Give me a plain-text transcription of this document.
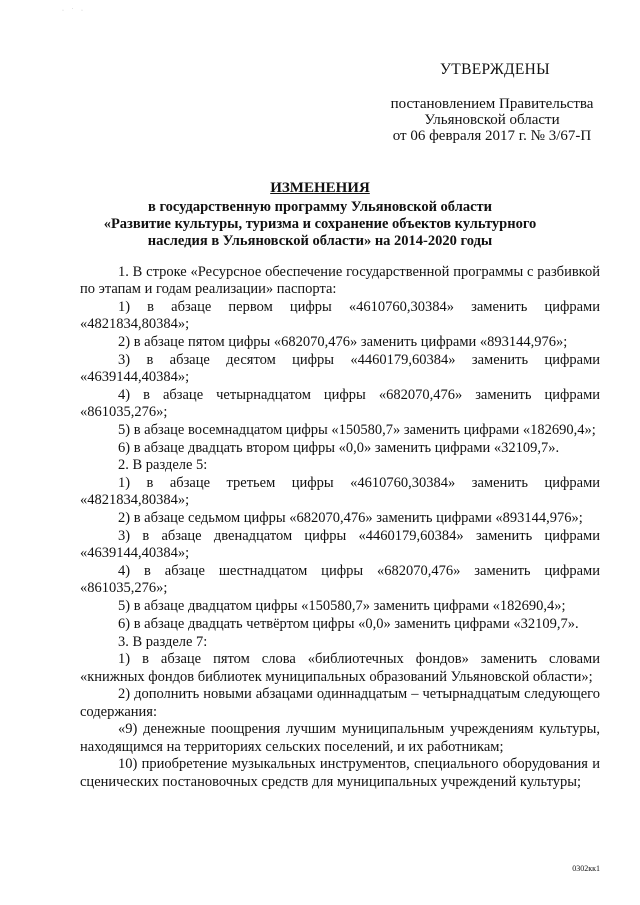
· ˙ ·
УТВЕРЖДЕНЫ
постановлением Правительства
Ульяновской области
от 06 февраля 2017 г. № 3/67-П
ИЗМЕНЕНИЯ
в государственную программу Ульяновской области
«Развитие культуры, туризма и сохранение объектов культурного
наследия в Ульяновской области» на 2014-2020 годы

1. В строке «Ресурсное обеспечение государственной программы с разбивкой по этапам и годам реализации» паспорта:

1) в абзаце первом цифры «4610760,30384» заменить цифрами «4821834,80384»;

2) в абзаце пятом цифры «682070,476» заменить цифрами «893144,976»;

3) в абзаце десятом цифры «4460179,60384» заменить цифрами «4639144,40384»;

4) в абзаце четырнадцатом цифры «682070,476» заменить цифрами «861035,276»;

5) в абзаце восемнадцатом цифры «150580,7» заменить цифрами «182690,4»;

6) в абзаце двадцать втором цифры «0,0» заменить цифрами «32109,7».

2. В разделе 5:

1) в абзаце третьем цифры «4610760,30384» заменить цифрами «4821834,80384»;

2) в абзаце седьмом цифры «682070,476» заменить цифрами «893144,976»;

3) в абзаце двенадцатом цифры «4460179,60384» заменить цифрами «4639144,40384»;

4) в абзаце шестнадцатом цифры «682070,476» заменить цифрами «861035,276»;

5) в абзаце двадцатом цифры «150580,7» заменить цифрами «182690,4»;

6) в абзаце двадцать четвёртом цифры «0,0» заменить цифрами «32109,7».

3. В разделе 7:

1) в абзаце пятом слова «библиотечных фондов» заменить словами «книжных фондов библиотек муниципальных образований Ульяновской области»;

2) дополнить новыми абзацами одиннадцатым – четырнадцатым следующего содержания:

«9) денежные поощрения лучшим муниципальным учреждениям культуры, находящимся на территориях сельских поселений, и их работникам;

10) приобретение музыкальных инструментов, специального оборудования и сценических постановочных средств для муниципальных учреждений культуры;

0302кк1
